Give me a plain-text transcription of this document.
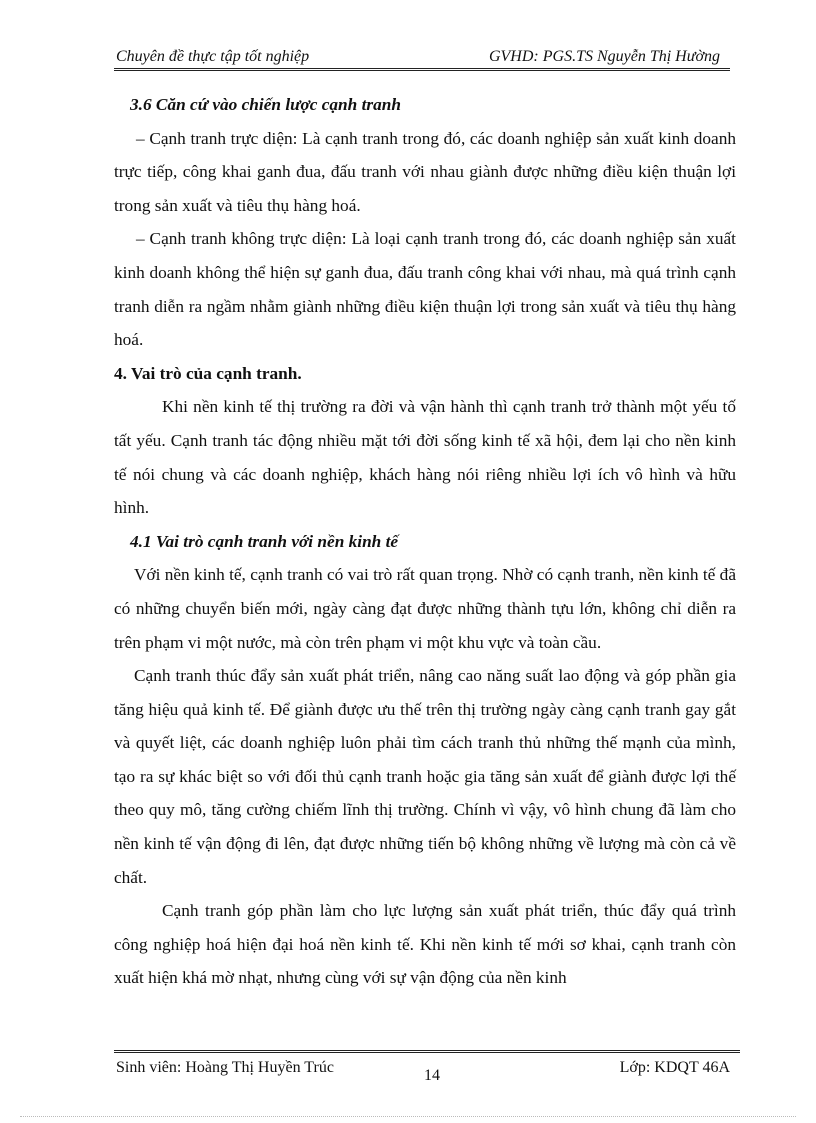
Chuyên đề thực tập tốt nghiệp	GVHD: PGS.TS Nguyễn Thị Hường

3.6 Căn cứ vào chiến lược cạnh tranh

– Cạnh tranh trực diện: Là cạnh tranh trong đó, các doanh nghiệp sản xuất kinh doanh trực tiếp, công khai ganh đua, đấu tranh với nhau giành được những điều kiện thuận lợi trong sản xuất và tiêu thụ hàng hoá.

– Cạnh tranh không trực diện: Là loại cạnh tranh trong đó, các doanh nghiệp sản xuất kinh doanh không thể hiện sự ganh đua, đấu tranh công khai với nhau, mà quá trình cạnh tranh diễn ra ngầm nhằm giành những điều kiện thuận lợi trong sản xuất và tiêu thụ hàng hoá.

4. Vai trò của cạnh tranh.

Khi nền kinh tế thị trường ra đời và vận hành thì cạnh tranh trở thành một yếu tố tất yếu. Cạnh tranh tác động nhiều mặt tới đời sống kinh tế xã hội, đem lại cho nền kinh tế nói chung và các doanh nghiệp, khách hàng nói riêng nhiều lợi ích vô hình và hữu hình.

4.1 Vai trò cạnh tranh với nền kinh tế

Với nền kinh tế, cạnh tranh có vai trò rất quan trọng. Nhờ có cạnh tranh, nền kinh tế đã có những chuyển biến mới, ngày càng đạt được những thành tựu lớn, không chỉ diễn ra trên phạm vi một nước, mà còn trên phạm vi một khu vực và toàn cầu.

Cạnh tranh thúc đẩy sản xuất phát triển, nâng cao năng suất lao động và góp phần gia tăng hiệu quả kinh tế. Để giành được ưu thế trên thị trường ngày càng cạnh tranh gay gắt và quyết liệt, các doanh nghiệp luôn phải tìm cách tranh thủ những thế mạnh của mình, tạo ra sự khác biệt so với đối thủ cạnh tranh hoặc gia tăng sản xuất để giành được lợi thế theo quy mô, tăng cường chiếm lĩnh thị trường. Chính vì vậy, vô hình chung đã làm cho nền kinh tế vận động đi lên, đạt được những tiến bộ không những về lượng mà còn cả về chất.

Cạnh tranh góp phần làm cho lực lượng sản xuất phát triển, thúc đẩy quá trình công nghiệp hoá hiện đại hoá nền kinh tế. Khi nền kinh tế mới sơ khai, cạnh tranh còn xuất hiện khá mờ nhạt, nhưng cùng với sự vận động của nền kinh

Sinh viên: Hoàng Thị Huyền Trúc	14	Lớp: KDQT 46A
